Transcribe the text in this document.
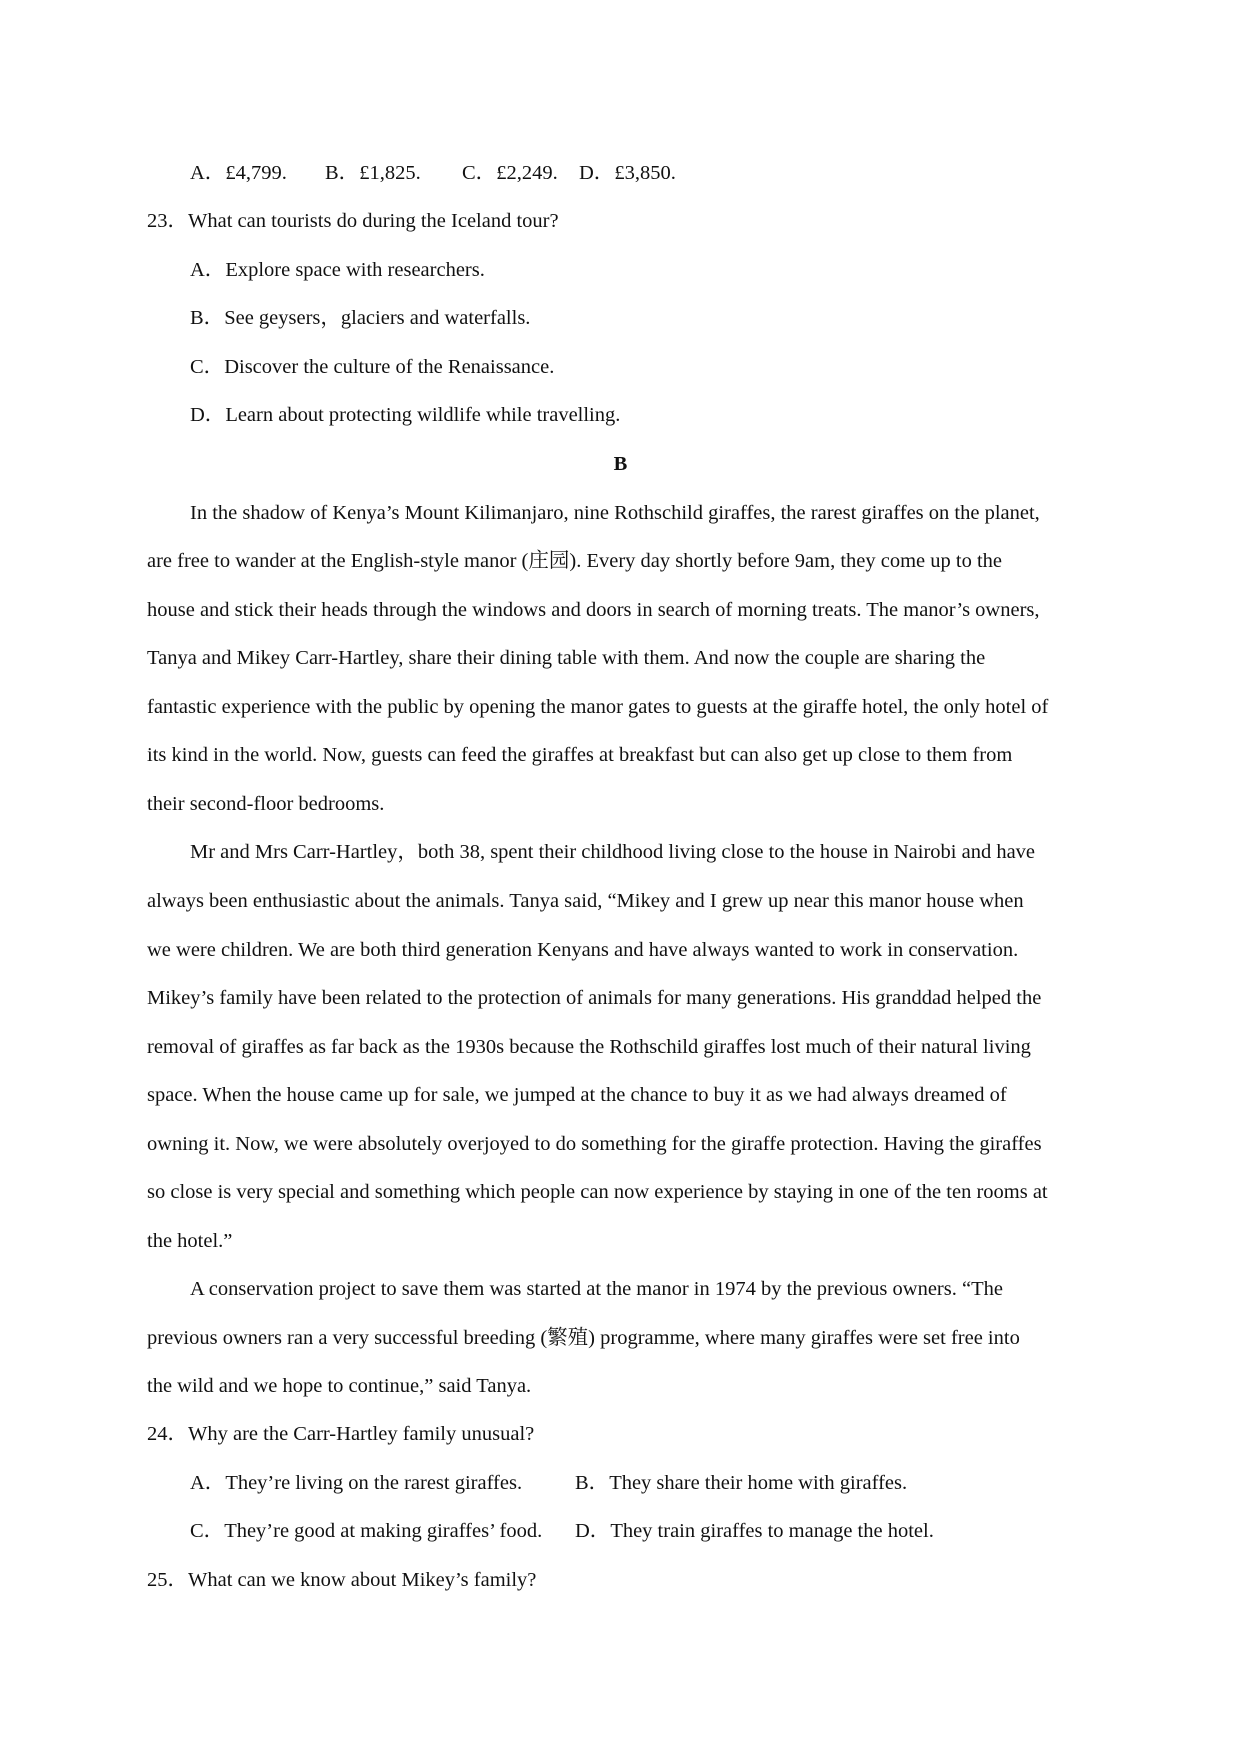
A．£4,799. B．£1,825. C．£2,249. D．£3,850.
23．What can tourists do during the Iceland tour?
A．Explore space with researchers.
B．See geysers，glaciers and waterfalls.
C．Discover the culture of the Renaissance.
D．Learn about protecting wildlife while travelling.
B
In the shadow of Kenya’s Mount Kilimanjaro, nine Rothschild giraffes, the rarest giraffes on the planet,
are free to wander at the English-style manor (庄园). Every day shortly before 9am, they come up to the
house and stick their heads through the windows and doors in search of morning treats. The manor’s owners,
Tanya and Mikey Carr-Hartley, share their dining table with them. And now the couple are sharing the
fantastic experience with the public by opening the manor gates to guests at the giraffe hotel, the only hotel of
its kind in the world. Now, guests can feed the giraffes at breakfast but can also get up close to them from
their second-floor bedrooms.
Mr and Mrs Carr-Hartley，both 38, spent their childhood living close to the house in Nairobi and have
always been enthusiastic about the animals. Tanya said, “Mikey and I grew up near this manor house when
we were children. We are both third generation Kenyans and have always wanted to work in conservation.
Mikey’s family have been related to the protection of animals for many generations. His granddad helped the
removal of giraffes as far back as the 1930s because the Rothschild giraffes lost much of their natural living
space. When the house came up for sale, we jumped at the chance to buy it as we had always dreamed of
owning it. Now, we were absolutely overjoyed to do something for the giraffe protection. Having the giraffes
so close is very special and something which people can now experience by staying in one of the ten rooms at
the hotel.”
A conservation project to save them was started at the manor in 1974 by the previous owners. “The
previous owners ran a very successful breeding (繁殖) programme, where many giraffes were set free into
the wild and we hope to continue,” said Tanya.
24．Why are the Carr-Hartley family unusual?
A．They’re living on the rarest giraffes.	B．They share their home with giraffes.
C．They’re good at making giraffes’ food. D．They train giraffes to manage the hotel.
25．What can we know about Mikey’s family?
